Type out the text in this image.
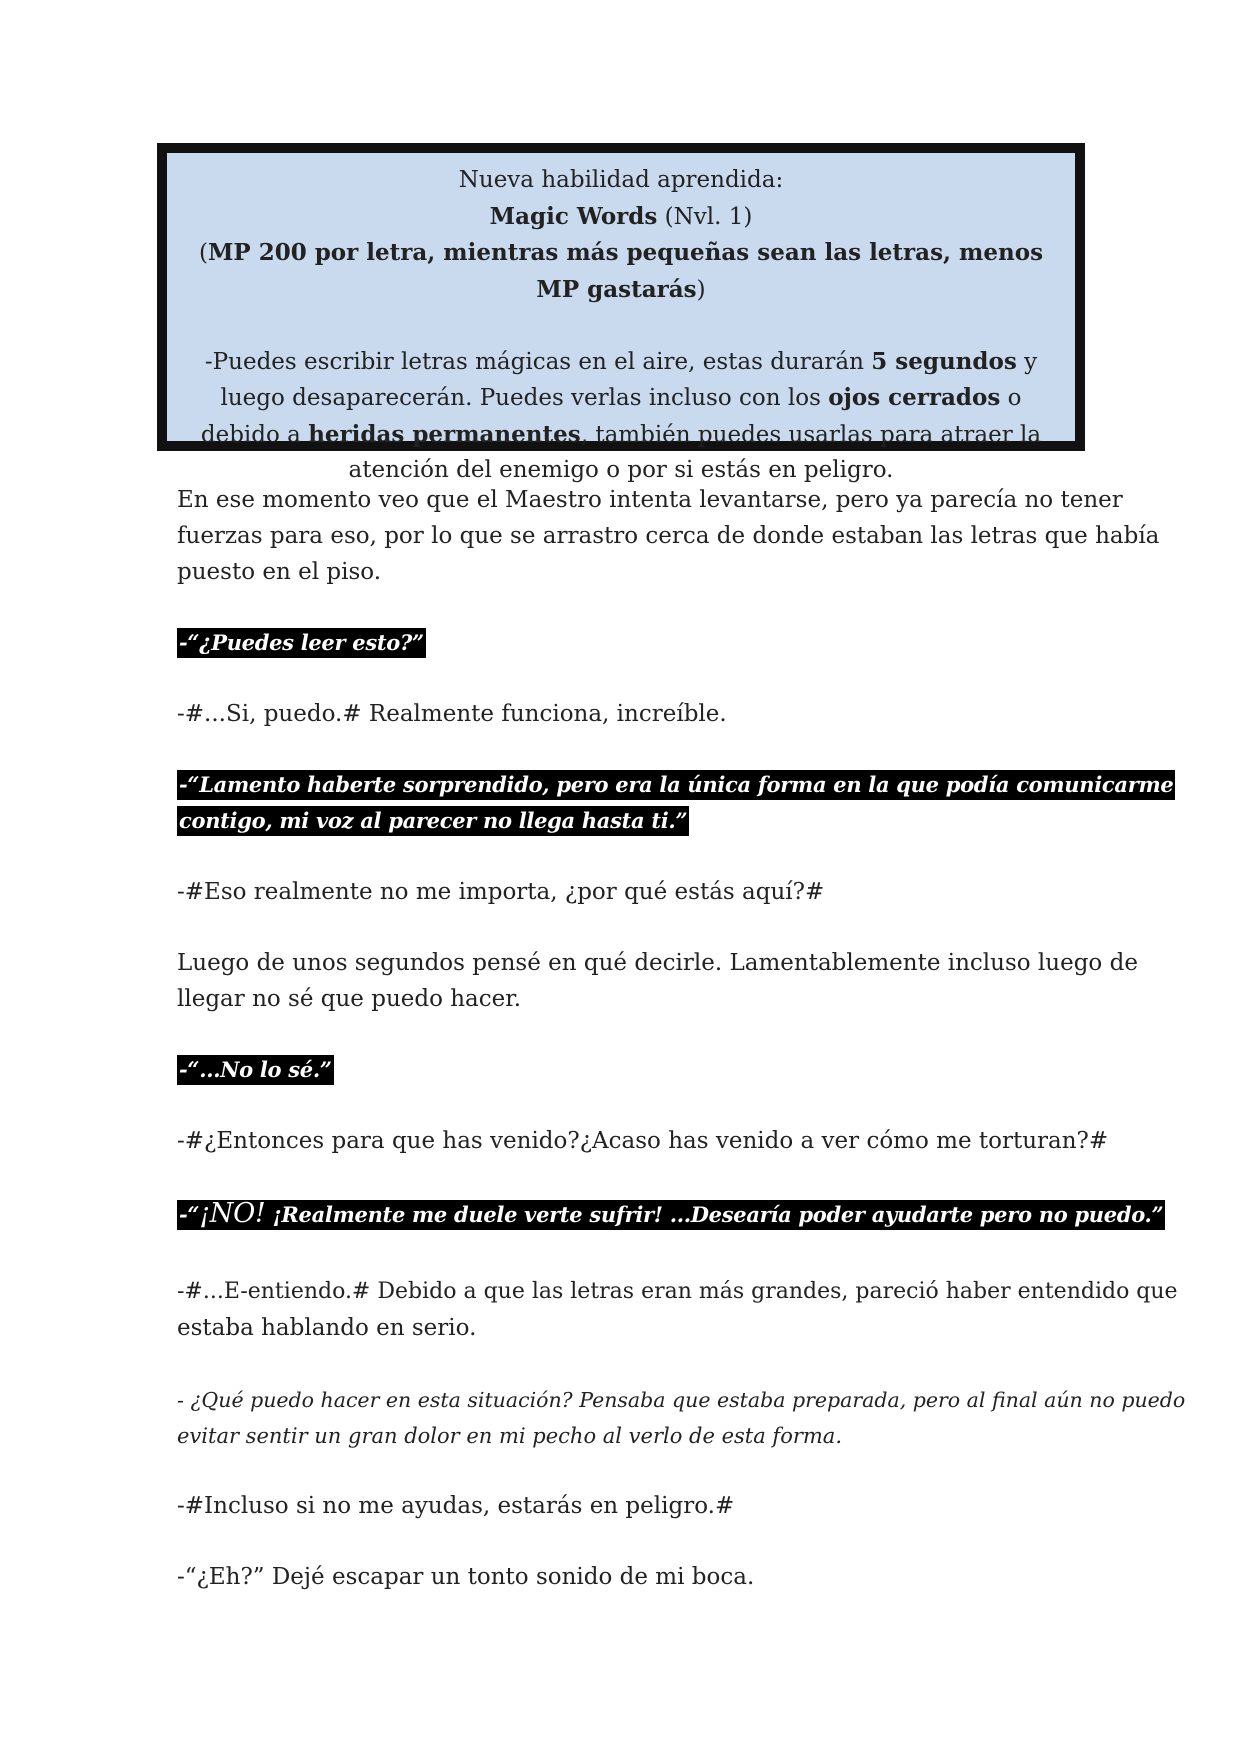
Nueva habilidad aprendida:
Magic Words (Nvl. 1)
(MP 200 por letra, mientras más pequeñas sean las letras, menos MP gastarás)
-Puedes escribir letras mágicas en el aire, estas durarán 5 segundos y luego desaparecerán. Puedes verlas incluso con los ojos cerrados o debido a heridas permanentes, también puedes usarlas para atraer la atención del enemigo o por si estás en peligro.
En ese momento veo que el Maestro intenta levantarse, pero ya parecía no tener
fuerzas para eso, por lo que se arrastro cerca de donde estaban las letras que había
puesto en el piso.
-“¿Puedes leer esto?”
-#...Si, puedo.# Realmente funciona, increíble.
-“Lamento haberte sorprendido, pero era la única forma en la que podía comunicarme
contigo, mi voz al parecer no llega hasta ti.”
-#Eso realmente no me importa, ¿por qué estás aquí?#
Luego de unos segundos pensé en qué decirle. Lamentablemente incluso luego de
llegar no sé que puedo hacer.
-“...No lo sé.”
-#¿Entonces para que has venido?¿Acaso has venido a ver cómo me torturan?#
-“¡NO! ¡Realmente me duele verte sufrir! ...Desearía poder ayudarte pero no puedo.”
-#...E-entiendo.# Debido a que las letras eran más grandes, pareció haber entendido que
estaba hablando en serio.
- ¿Qué puedo hacer en esta situación? Pensaba que estaba preparada, pero al final aún no puedo
evitar sentir un gran dolor en mi pecho al verlo de esta forma.
-#Incluso si no me ayudas, estarás en peligro.#
-“¿Eh?” Dejé escapar un tonto sonido de mi boca.
